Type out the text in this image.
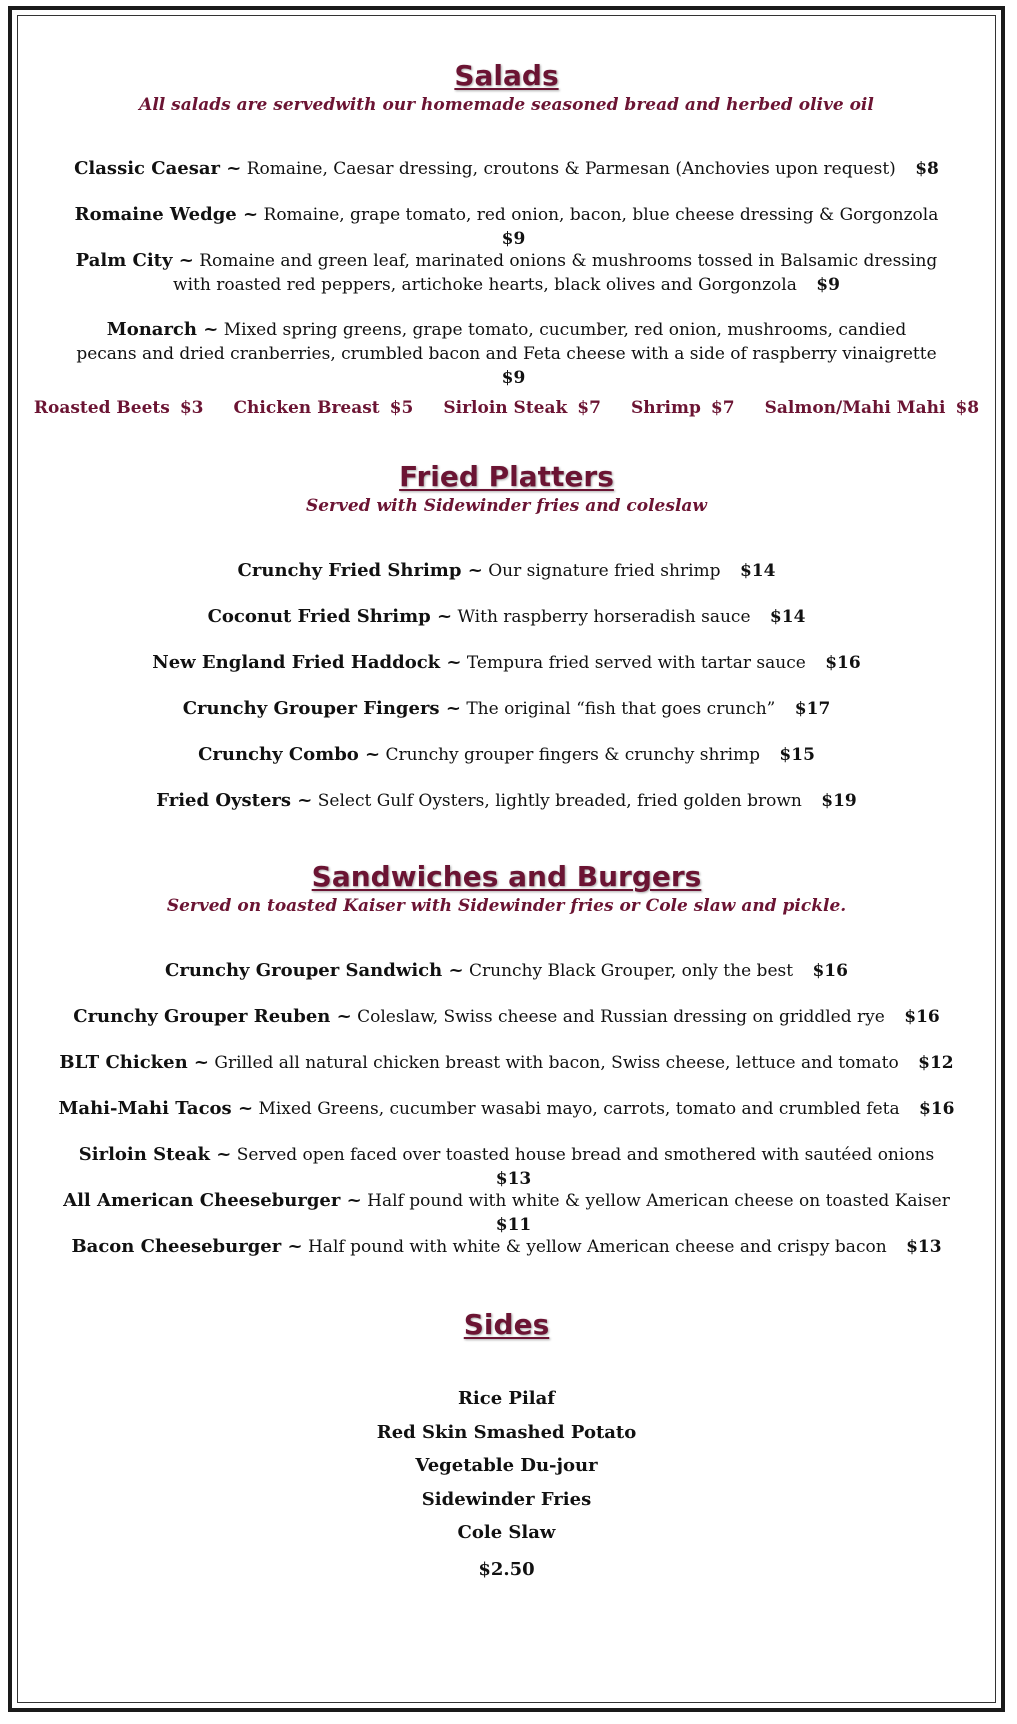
Salads

All salads are servedwith our homemade seasoned bread and herbed olive oil

Classic Caesar ~ Romaine, Caesar dressing, croutons & Parmesan (Anchovies upon request) $8

Romaine Wedge ~ Romaine, grape tomato, red onion, bacon, blue cheese dressing & Gorgonzola $9

Palm City ~ Romaine and green leaf, marinated onions & mushrooms tossed in Balsamic dressing
with roasted red peppers, artichoke hearts, black olives and Gorgonzola $9

Monarch ~ Mixed spring greens, grape tomato, cucumber, red onion, mushrooms, candied
pecans and dried cranberries, crumbled bacon and Feta cheese with a side of raspberry vinaigrette $9

Roasted Beets $3 Chicken Breast $5 Sirloin Steak $7 Shrimp $7 Salmon/Mahi Mahi $8
Fried Platters

Served with Sidewinder fries and coleslaw

Crunchy Fried Shrimp ~ Our signature fried shrimp $14

Coconut Fried Shrimp ~ With raspberry horseradish sauce $14

New England Fried Haddock ~ Tempura fried served with tartar sauce $16

Crunchy Grouper Fingers ~ The original “fish that goes crunch” $17

Crunchy Combo ~ Crunchy grouper fingers & crunchy shrimp $15

Fried Oysters ~ Select Gulf Oysters, lightly breaded, fried golden brown $19

Sandwiches and Burgers

Served on toasted Kaiser with Sidewinder fries or Cole slaw and pickle.

Crunchy Grouper Sandwich ~ Crunchy Black Grouper, only the best $16

Crunchy Grouper Reuben ~ Coleslaw, Swiss cheese and Russian dressing on griddled rye $16

BLT Chicken ~ Grilled all natural chicken breast with bacon, Swiss cheese, lettuce and tomato $12

Mahi-Mahi Tacos ~ Mixed Greens, cucumber wasabi mayo, carrots, tomato and crumbled feta $16

Sirloin Steak ~ Served open faced over toasted house bread and smothered with sautéed onions $13

All American Cheeseburger ~ Half pound with white & yellow American cheese on toasted Kaiser $11

Bacon Cheeseburger ~ Half pound with white & yellow American cheese and crispy bacon $13

Sides
Rice Pilaf
Red Skin Smashed Potato
Vegetable Du-jour
Sidewinder Fries
Cole Slaw
$2.50
